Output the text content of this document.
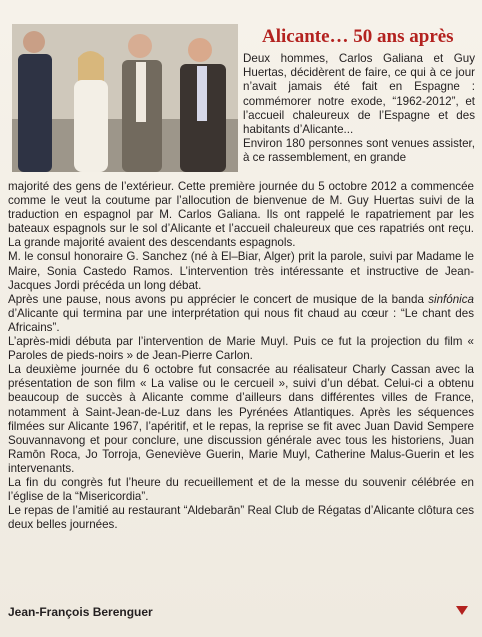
Alicante… 50 ans après

Deux hommes, Carlos Galiana et Guy Huertas, décidèrent de faire, ce qui à ce jour n’avait jamais été fait en Espagne : commémorer notre exode, “1962-2012”, et l’accueil chaleureux de l’Espagne et des habitants d’Alicante...

Environ 180 personnes sont venues assister, à ce rassemblement, en grande

majorité des gens de l’extérieur. Cette première journée du 5 octobre 2012 a commencée comme le veut la coutume par l’allocution de bienvenue de M. Guy Huertas suivi de la traduction en espagnol par M. Carlos Galiana. Ils ont rappelé le rapatriement par les bateaux espagnols sur le sol d’Alicante et l’accueil chaleureux que ces rapatriés ont reçu. La grande majorité avaient des descendants espagnols.

M. le consul honoraire G. Sanchez (né à El–Biar, Alger) prit la parole, suivi par Madame le Maire, Sonia Castedo Ramos. L’intervention très intéressante et instructive de Jean-Jacques Jordi précéda un long débat.

Après une pause, nous avons pu apprécier le concert de musique de la banda sinfónica d’Alicante qui termina par une interprétation qui nous fit chaud au cœur : “Le chant des Africains”.

L’après-midi débuta par l’intervention de Marie Muyl. Puis ce fut la projection du film « Paroles de pieds-noirs » de Jean-Pierre Carlon.

La deuxième journée du 6 octobre fut consacrée au réalisateur Charly Cassan avec la présentation de son film « La valise ou le cercueil », suivi d’un débat. Celui-ci a obtenu beaucoup de succès à Alicante comme d’ailleurs dans différentes villes de France, notamment à Saint-Jean-de-Luz dans les Pyrénées Atlantiques. Après les séquences filmées sur Alicante 1967, l’apéritif, et le repas, la reprise se fit avec Juan David Sempere Souvannavong et pour conclure, une discussion générale avec tous les historiens, Juan Ramōn Roca, Jo Torroja, Geneviève Guerin, Marie Muyl, Catherine Malus-Guerin et les intervenants.

La fin du congrès fut l’heure du recueillement et de la messe du souvenir célébrée en l’église de la “Misericordia”.

Le repas de l’amitié au restaurant “Aldebarān” Real Club de Régatas d’Alicante clôtura ces deux belles journées.

Jean-François Berenguer
